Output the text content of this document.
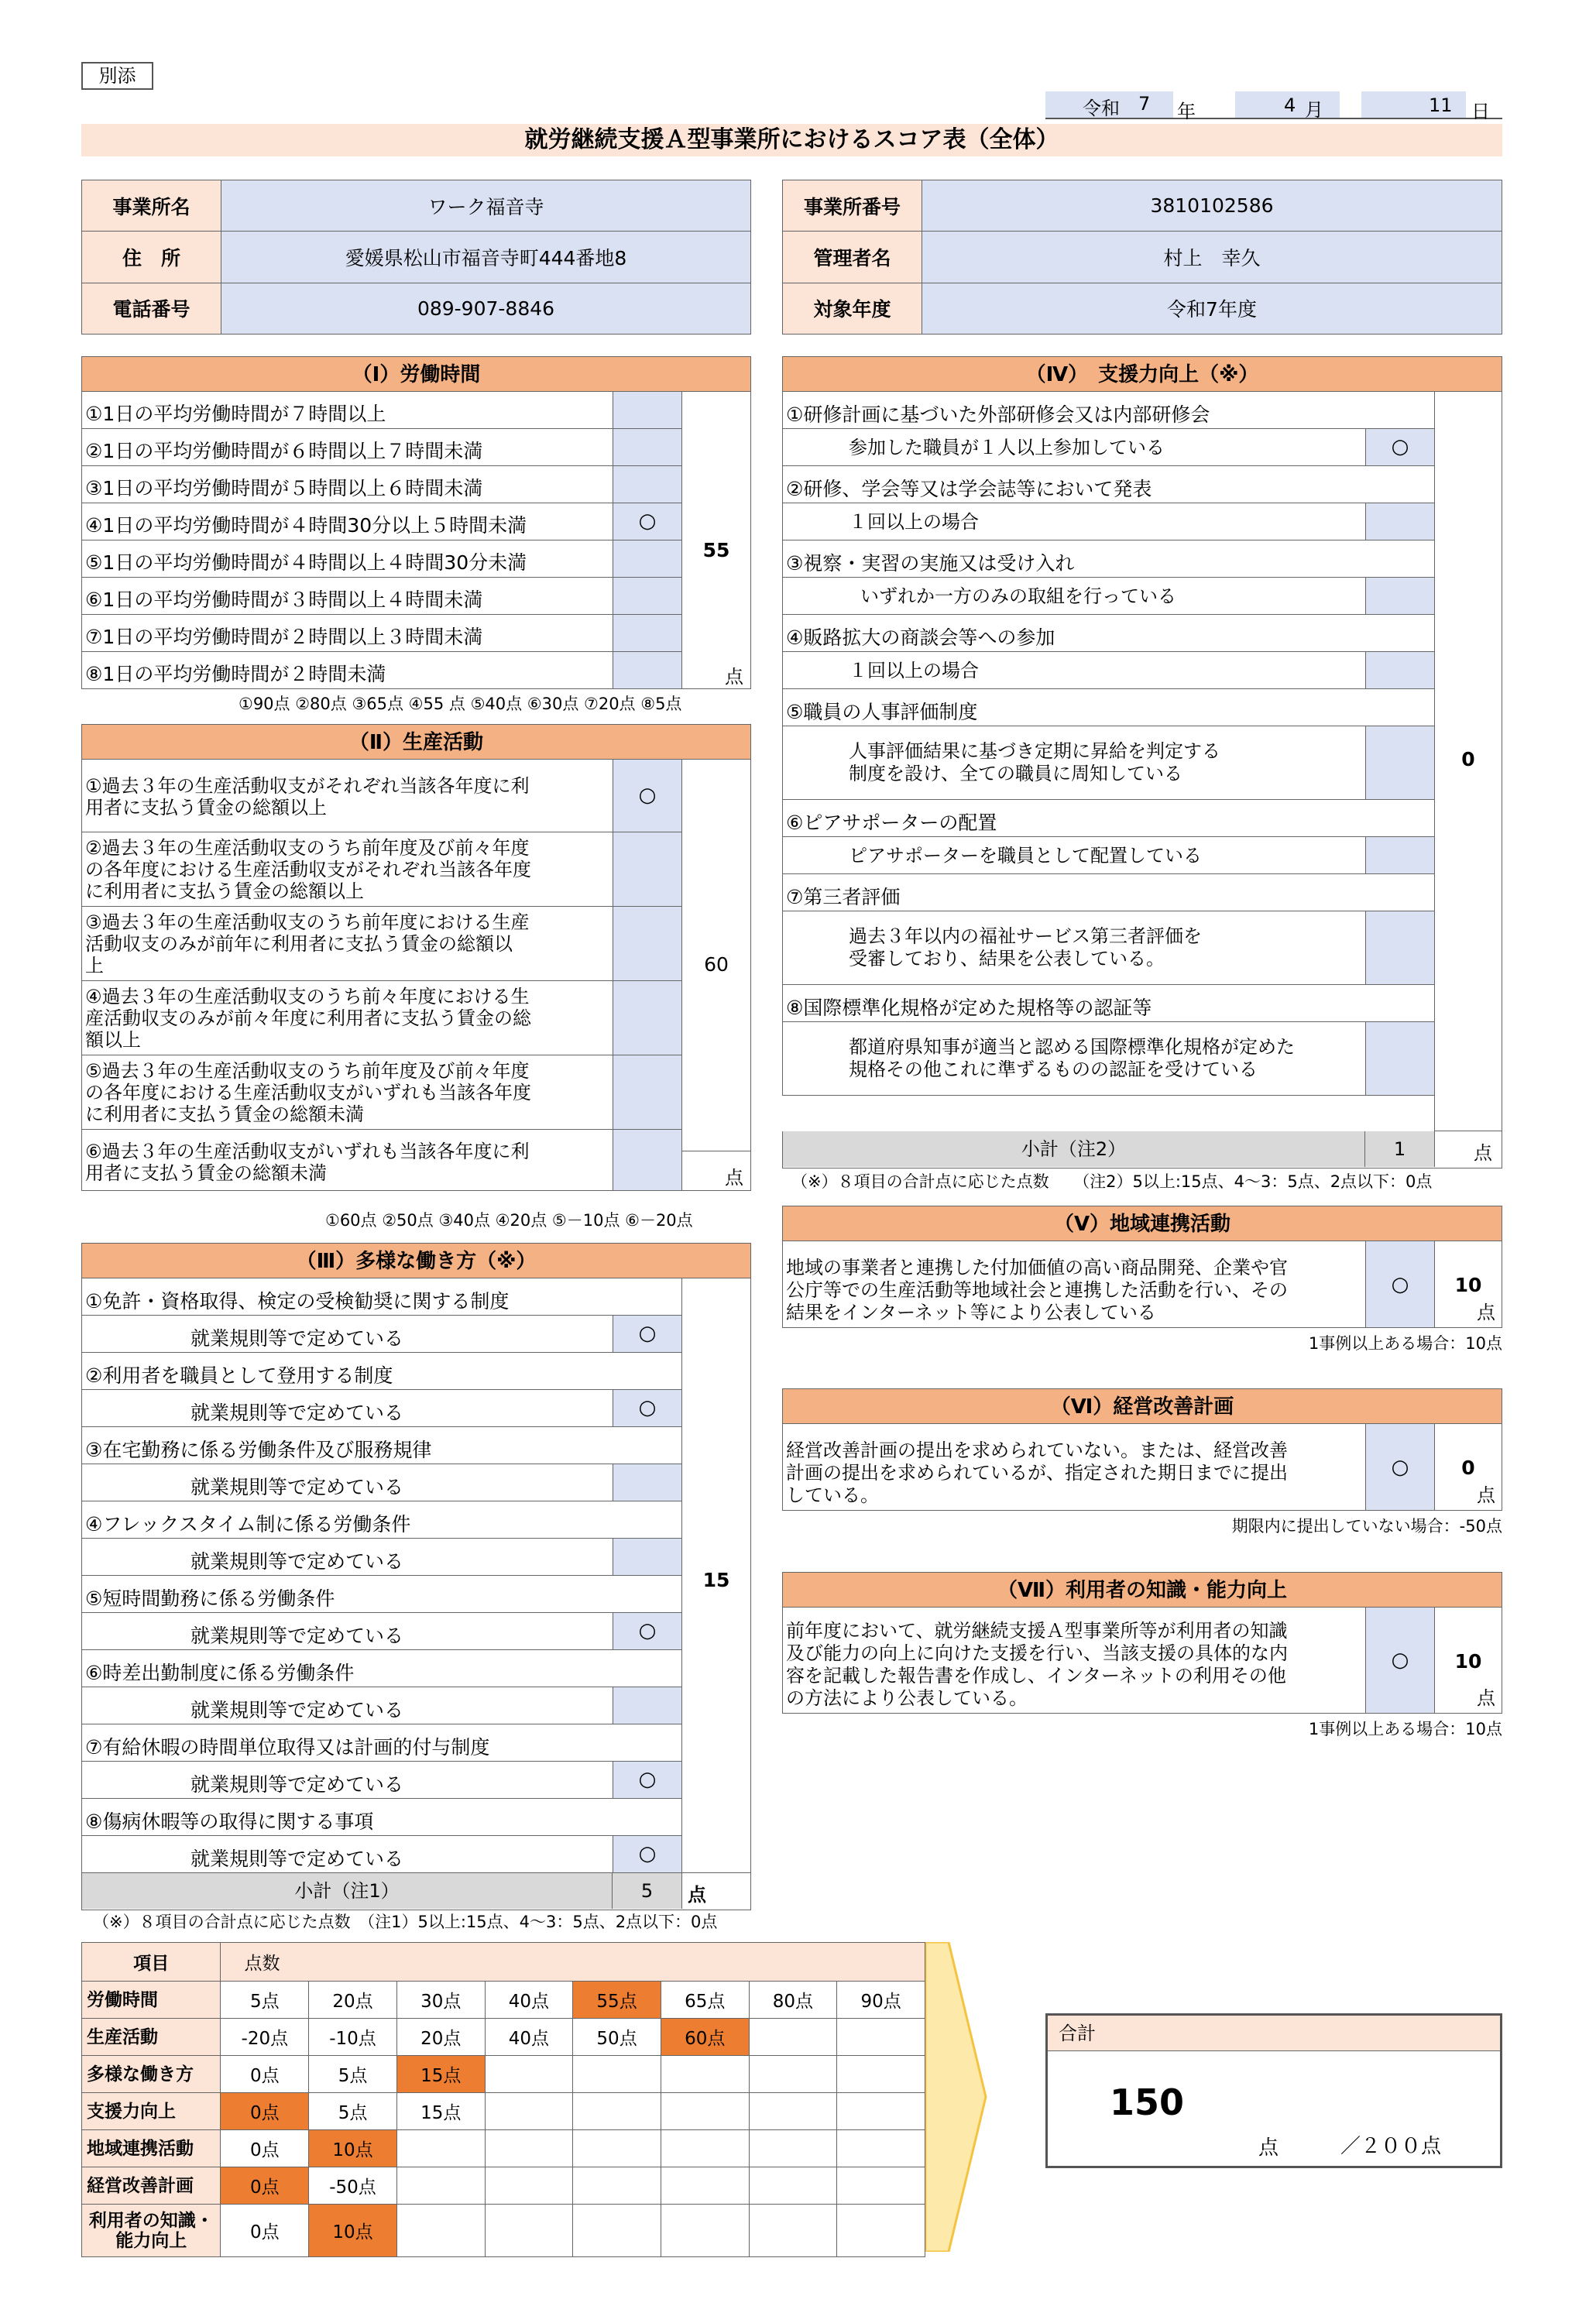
別添
令和 7 年	4 月	11 日
就労継続支援Ａ型事業所におけるスコア表（全体）
事業所名	ワーク福音寺
住　所	愛媛県松山市福音寺町444番地8
電話番号	089-907-8846
事業所番号	3810102586
管理者名	村上　幸久
対象年度	令和7年度
（Ⅰ）労働時間
①1日の平均労働時間が７時間以上
②1日の平均労働時間が６時間以上７時間未満
③1日の平均労働時間が５時間以上６時間未満
④1日の平均労働時間が４時間30分以上５時間未満	○
⑤1日の平均労働時間が４時間以上４時間30分未満
⑥1日の平均労働時間が３時間以上４時間未満
⑦1日の平均労働時間が２時間以上３時間未満
⑧1日の平均労働時間が２時間未満
55
点
①90点 ②80点 ③65点 ④55 点 ⑤40点 ⑥30点 ⑦20点 ⑧5点
（Ⅱ）生産活動
①過去３年の生産活動収支がそれぞれ当該各年度に利
用者に支払う賃金の総額以上
○
②過去３年の生産活動収支のうち前年度及び前々年度
の各年度における生産活動収支がそれぞれ当該各年度
に利用者に支払う賃金の総額以上
③過去３年の生産活動収支のうち前年度における生産
活動収支のみが前年に利用者に支払う賃金の総額以
上
④過去３年の生産活動収支のうち前々年度における生
産活動収支のみが前々年度に利用者に支払う賃金の総
額以上
⑤過去３年の生産活動収支のうち前年度及び前々年度
の各年度における生産活動収支がいずれも当該各年度
に利用者に支払う賃金の総額未満
⑥過去３年の生産活動収支がいずれも当該各年度に利
用者に支払う賃金の総額未満
60
点
①60点 ②50点 ③40点 ④20点 ⑤－10点 ⑥－20点
（Ⅲ）多様な働き方（※）
①免許・資格取得、検定の受検勧奨に関する制度
就業規則等で定めている	○
②利用者を職員として登用する制度
就業規則等で定めている	○
③在宅勤務に係る労働条件及び服務規律
就業規則等で定めている
④フレックスタイム制に係る労働条件
就業規則等で定めている
⑤短時間勤務に係る労働条件
就業規則等で定めている	○
⑥時差出勤制度に係る労働条件
就業規則等で定めている
⑦有給休暇の時間単位取得又は計画的付与制度
就業規則等で定めている	○
⑧傷病休暇等の取得に関する事項
就業規則等で定めている	○
15
小計（注1）	5	点
（※）８項目の合計点に応じた点数　（注1）5以上:15点、4〜3：5点、2点以下：0点
（Ⅳ）　支援力向上（※）
①研修計画に基づいた外部研修会又は内部研修会
参加した職員が１人以上参加している	○
②研修、学会等又は学会誌等において発表
１回以上の場合
③視察・実習の実施又は受け入れ
いずれか一方のみの取組を行っている
④販路拡大の商談会等への参加
１回以上の場合
⑤職員の人事評価制度
人事評価結果に基づき定期に昇給を判定する
制度を設け、全ての職員に周知している
⑥ピアサポーターの配置
ピアサポーターを職員として配置している
⑦第三者評価
過去３年以内の福祉サービス第三者評価を
受審しており、結果を公表している。
⑧国際標準化規格が定めた規格等の認証等
都道府県知事が適当と認める国際標準化規格が定めた
規格その他これに準ずるものの認証を受けている
0
小計（注2）	1	点
（※）８項目の合計点に応じた点数　　（注2）5以上:15点、4〜3：5点、2点以下：0点
（Ⅴ）地域連携活動
地域の事業者と連携した付加価値の高い商品開発、企業や官
公庁等での生産活動等地域社会と連携した活動を行い、その
結果をインターネット等により公表している
○	10
点
1事例以上ある場合：10点
（Ⅵ）経営改善計画
経営改善計画の提出を求められていない。または、経営改善
計画の提出を求められているが、指定された期日までに提出
している。
○	0
点
期限内に提出していない場合：-50点
（Ⅶ）利用者の知識・能力向上
前年度において、就労継続支援Ａ型事業所等が利用者の知識
及び能力の向上に向けた支援を行い、当該支援の具体的な内
容を記載した報告書を作成し、インターネットの利用その他
の方法により公表している。
○	10
点
1事例以上ある場合：10点
項目	点数							
労働時間	5点	20点	30点	40点	55点	65点	80点	90点
生産活動	-20点	-10点	20点	40点	50点	60点		
多様な働き方	0点	5点	15点					
支援力向上	0点	5点	15点					
地域連携活動	0点	10点						
経営改善計画	0点	-50点						
利用者の知識・能力向上	0点	10点						
合計
150
点	／２００点
